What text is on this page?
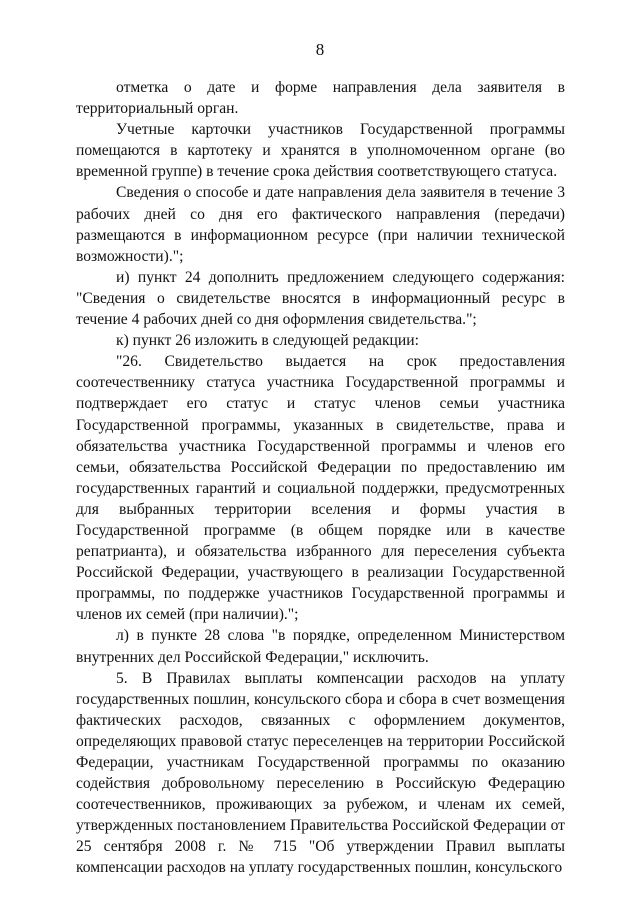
8

отметка о дате и форме направления дела заявителя в территориальный орган.

Учетные карточки участников Государственной программы помещаются в картотеку и хранятся в уполномоченном органе (во временной группе) в течение срока действия соответствующего статуса.

Сведения о способе и дате направления дела заявителя в течение 3 рабочих дней со дня его фактического направления (передачи) размещаются в информационном ресурсе (при наличии технической возможности).";

и) пункт 24 дополнить предложением следующего содержания: "Сведения о свидетельстве вносятся в информационный ресурс в течение 4 рабочих дней со дня оформления свидетельства.";

к) пункт 26 изложить в следующей редакции:

"26. Свидетельство выдается на срок предоставления соотечественнику статуса участника Государственной программы и подтверждает его статус и статус членов семьи участника Государственной программы, указанных в свидетельстве, права и обязательства участника Государственной программы и членов его семьи, обязательства Российской Федерации по предоставлению им государственных гарантий и социальной поддержки, предусмотренных для выбранных территории вселения и формы участия в Государственной программе (в общем порядке или в качестве репатрианта), и обязательства избранного для переселения субъекта Российской Федерации, участвующего в реализации Государственной программы, по поддержке участников Государственной программы и членов их семей (при наличии).";

л) в пункте 28 слова "в порядке, определенном Министерством внутренних дел Российской Федерации," исключить.

5. В Правилах выплаты компенсации расходов на уплату государственных пошлин, консульского сбора и сбора в счет возмещения фактических расходов, связанных с оформлением документов, определяющих правовой статус переселенцев на территории Российской Федерации, участникам Государственной программы по оказанию содействия добровольному переселению в Российскую Федерацию соотечественников, проживающих за рубежом, и членам их семей, утвержденных постановлением Правительства Российской Федерации от 25 сентября 2008 г. № 715 "Об утверждении Правил выплаты компенсации расходов на уплату государственных пошлин, консульского
